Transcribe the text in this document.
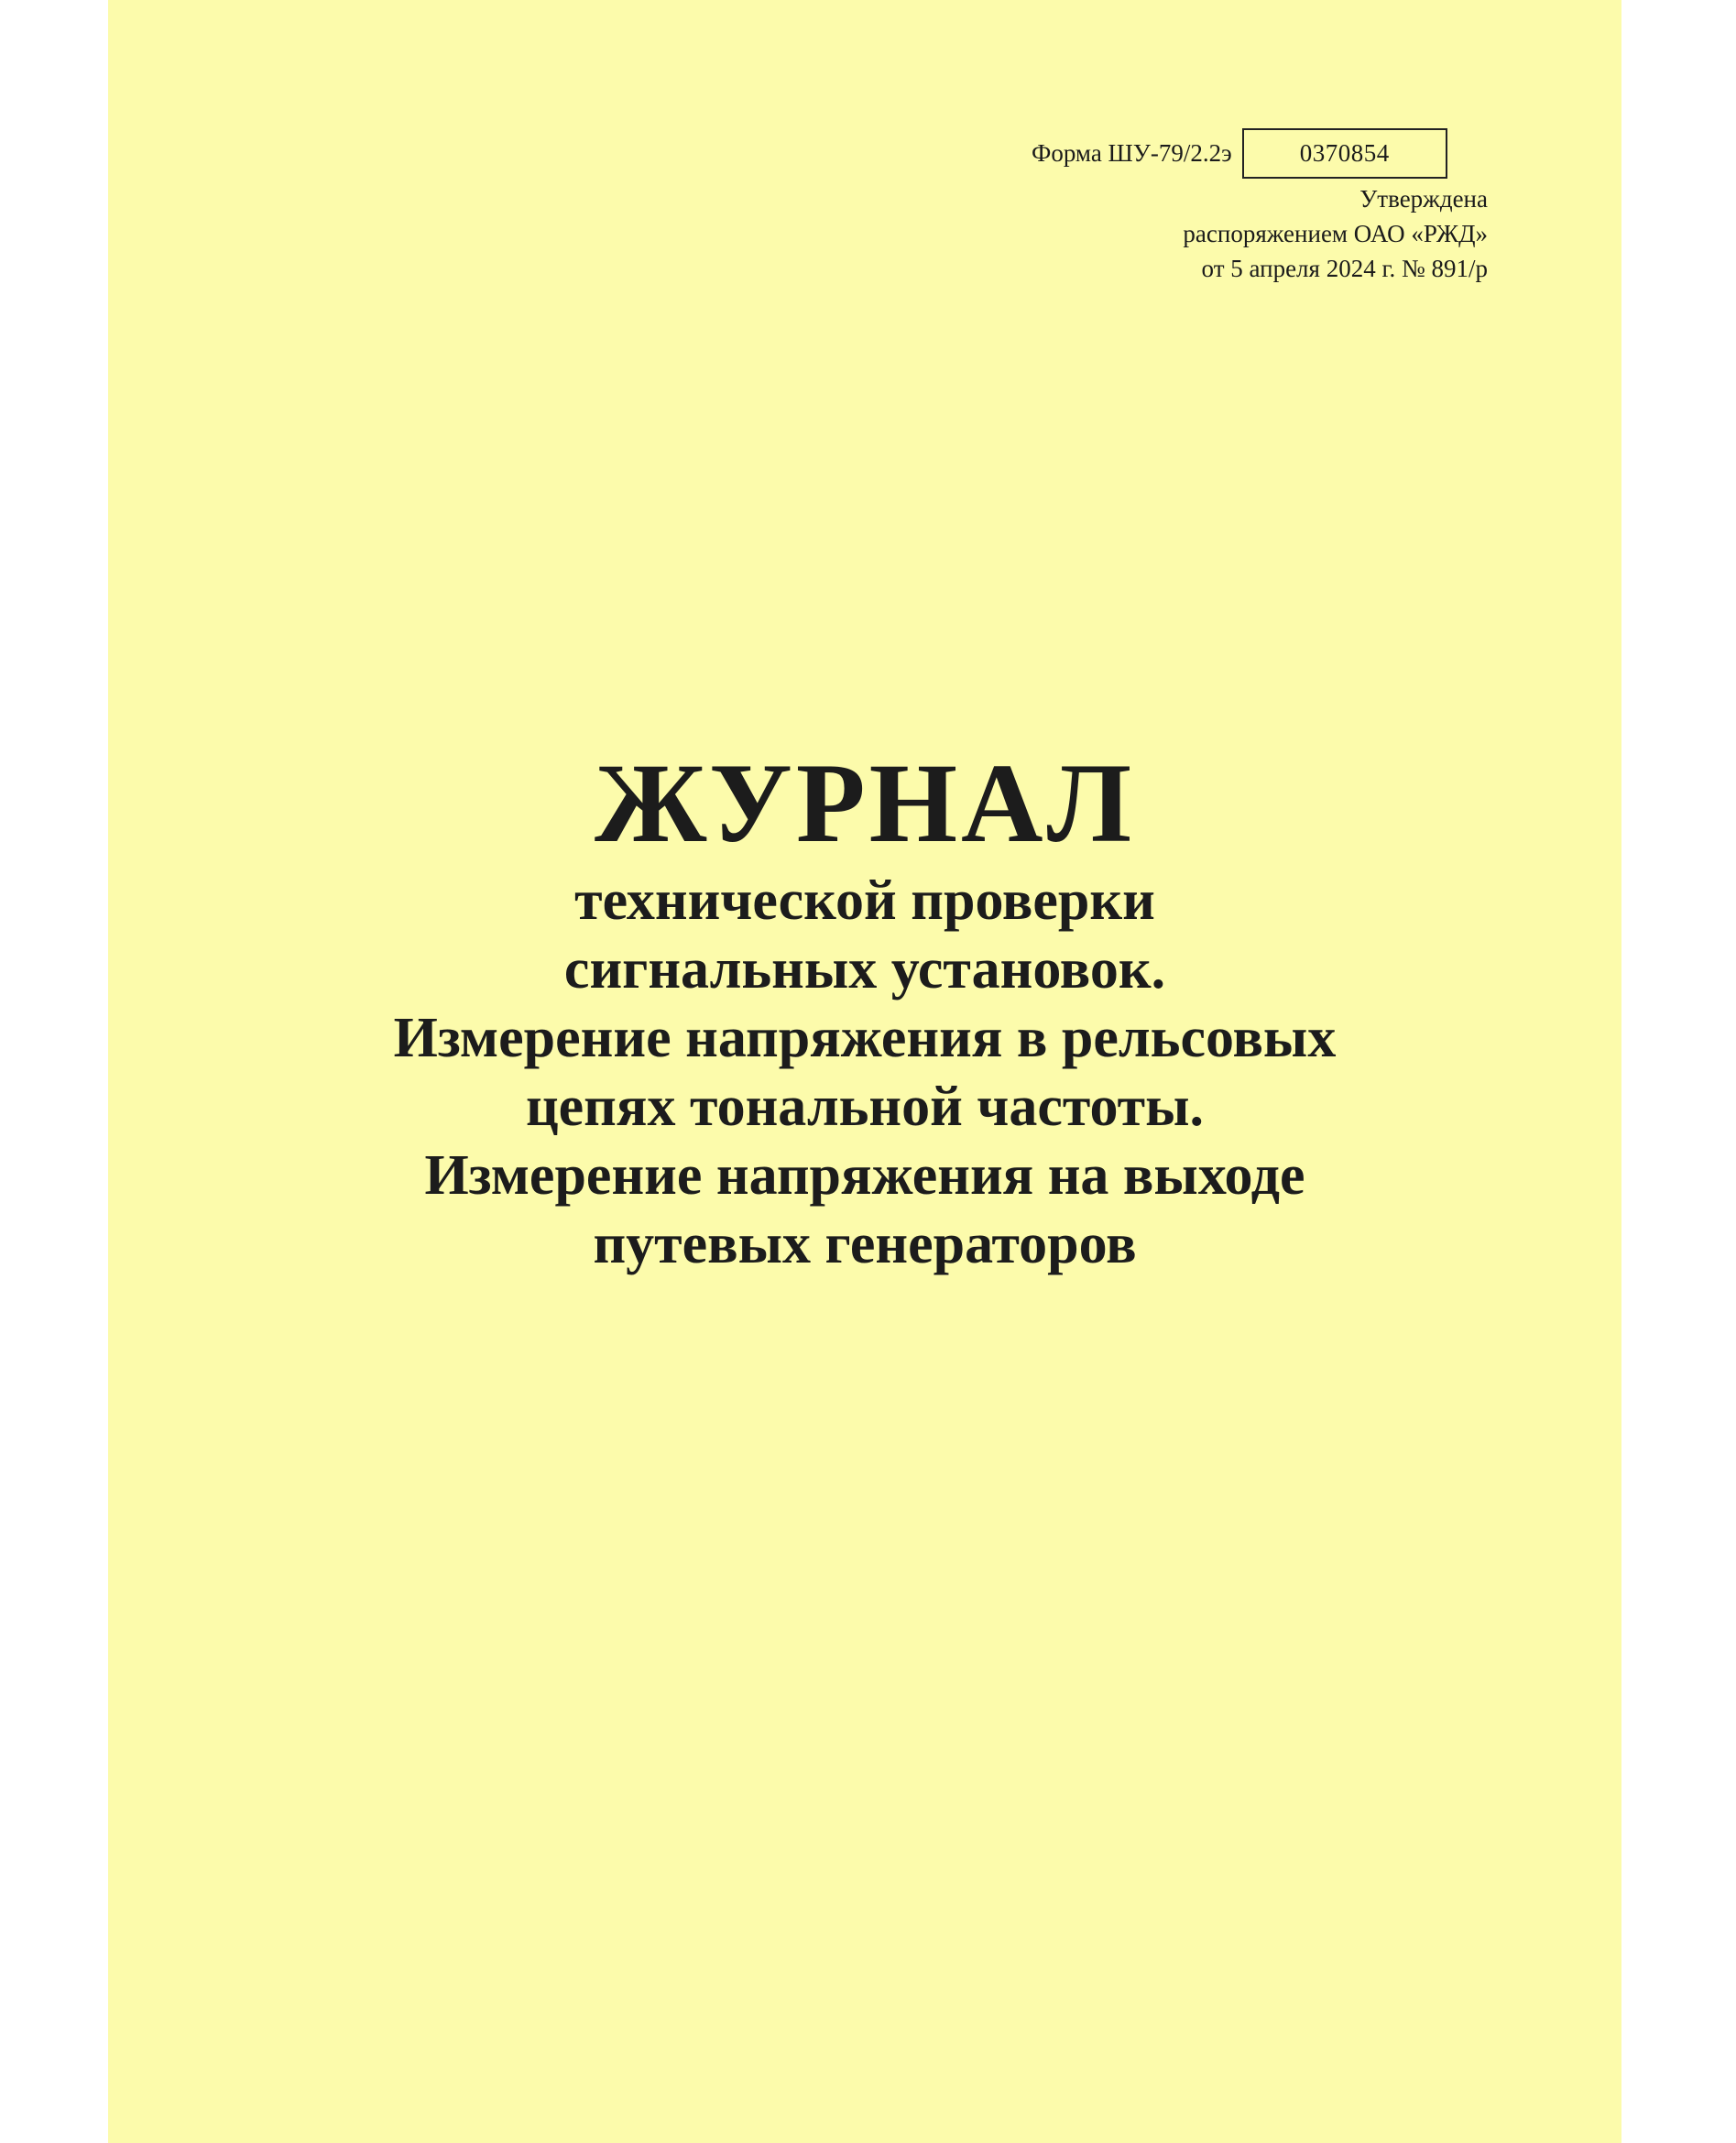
Форма ШУ-79/2.2э	0370854
Утверждена
распоряжением ОАО «РЖД»
от 5 апреля 2024 г. № 891/р
ЖУРНАЛ
технической проверки
сигнальных установок.
Измерение напряжения в рельсовых
цепях тональной частоты.
Измерение напряжения на выходе
путевых генераторов
